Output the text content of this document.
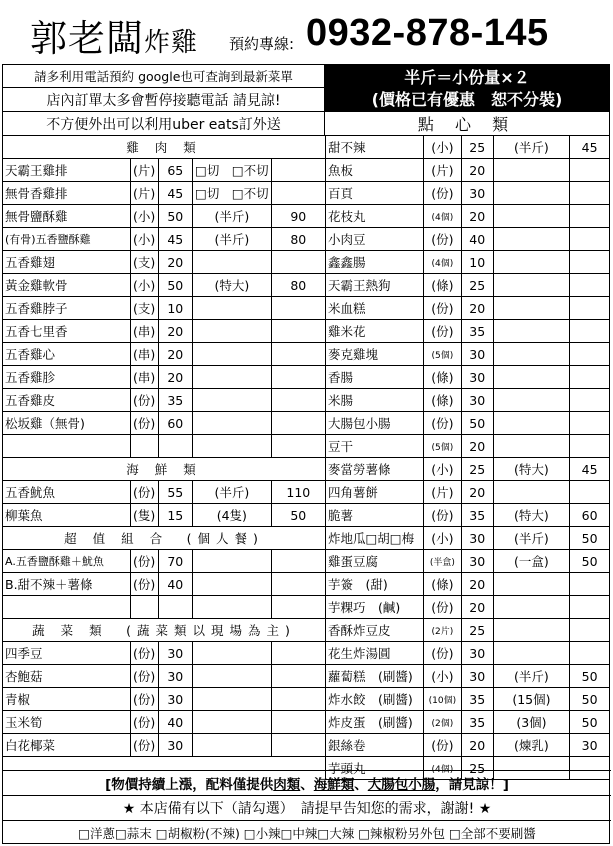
郭老闆炸雞 預約專線: 0932-878-145
請多利用電話預約 google也可查詢到最新菜單
店內訂單太多會暫停接聽電話 請見諒!
不方便外出可以利用uber eats訂外送
半斤＝小份量×２
(價格已有優惠　恕不分裝)
點 心 類
雞 肉 類				
天霸王雞排	(片)	65	□切　□不切	
無骨香雞排	(片)	45	□切　□不切	
無骨鹽酥雞	(小)	50	(半斤)	90
(有骨)五香鹽酥雞	(小)	45	(半斤)	80
五香雞翅	(支)	20		
黃金雞軟骨	(小)	50	(特大)	80
五香雞脖子	(支)	10		
五香七里香	(串)	20		
五香雞心	(串)	20		
五香雞胗	(串)	20		
五香雞皮	(份)	35		
松坂雞（無骨)	(份)	60		

海 鮮 類				
五香魷魚	(份)	55	(半斤)	110
柳葉魚	(隻)	15	(4隻)	50
超 值 組 合　(個人餐)				
A.五香鹽酥雞＋魷魚	(份)	70		
B.甜不辣＋薯條	(份)	40		

蔬 菜 類　(蔬菜類以現場為主)				
四季豆	(份)	30		
杏鮑菇	(份)	30		
青椒	(份)	30		
玉米筍	(份)	40		
白花椰菜	(份)	30		
甜不辣	(小)	25	(半斤)	45
魚板	(片)	20		
百頁	(份)	30		
花枝丸	(4個)	20		
小肉豆	(份)	40		
鑫鑫腸	(4個)	10		
天霸王熱狗	(條)	25		
米血糕	(份)	20		
雞米花	(份)	35		
麥克雞塊	(5個)	30		
香腸	(條)	30		
米腸	(條)	30		
大腸包小腸	(份)	50		
豆干	(5個)	20		
麥當勞薯條	(小)	25	(特大)	45
四角薯餅	(片)	20		
脆薯	(份)	35	(特大)	60
炸地瓜□胡□梅	(小)	30	(半斤)	50
雞蛋豆腐	(半盒)	30	(一盒)	50
芋簽　(甜)	(條)	20		
芋粿巧　(鹹)	(份)	20		
香酥炸豆皮	(2片)	25		
花生炸湯圓	(份)	30		
蘿蔔糕　(刷醬)	(小)	30	(半斤)	50
炸水餃　(刷醬)	(10個)	35	(15個)	50
炸皮蛋　(刷醬)	(2個)	35	(3個)	50
銀絲卷	(份)	20	(煉乳)	30
芋頭丸	(4個)	25		
[物價持續上漲，配料僅提供 肉類 、 海鮮類 、 大腸包小腸 ，請見諒！]
★ 本店備有以下（請勾選）　請提早告知您的需求，謝謝! ★
□洋蔥□蒜末 □胡椒粉(不辣) □小辣□中辣□大辣 □辣椒粉另外包 □全部不要刷醬
